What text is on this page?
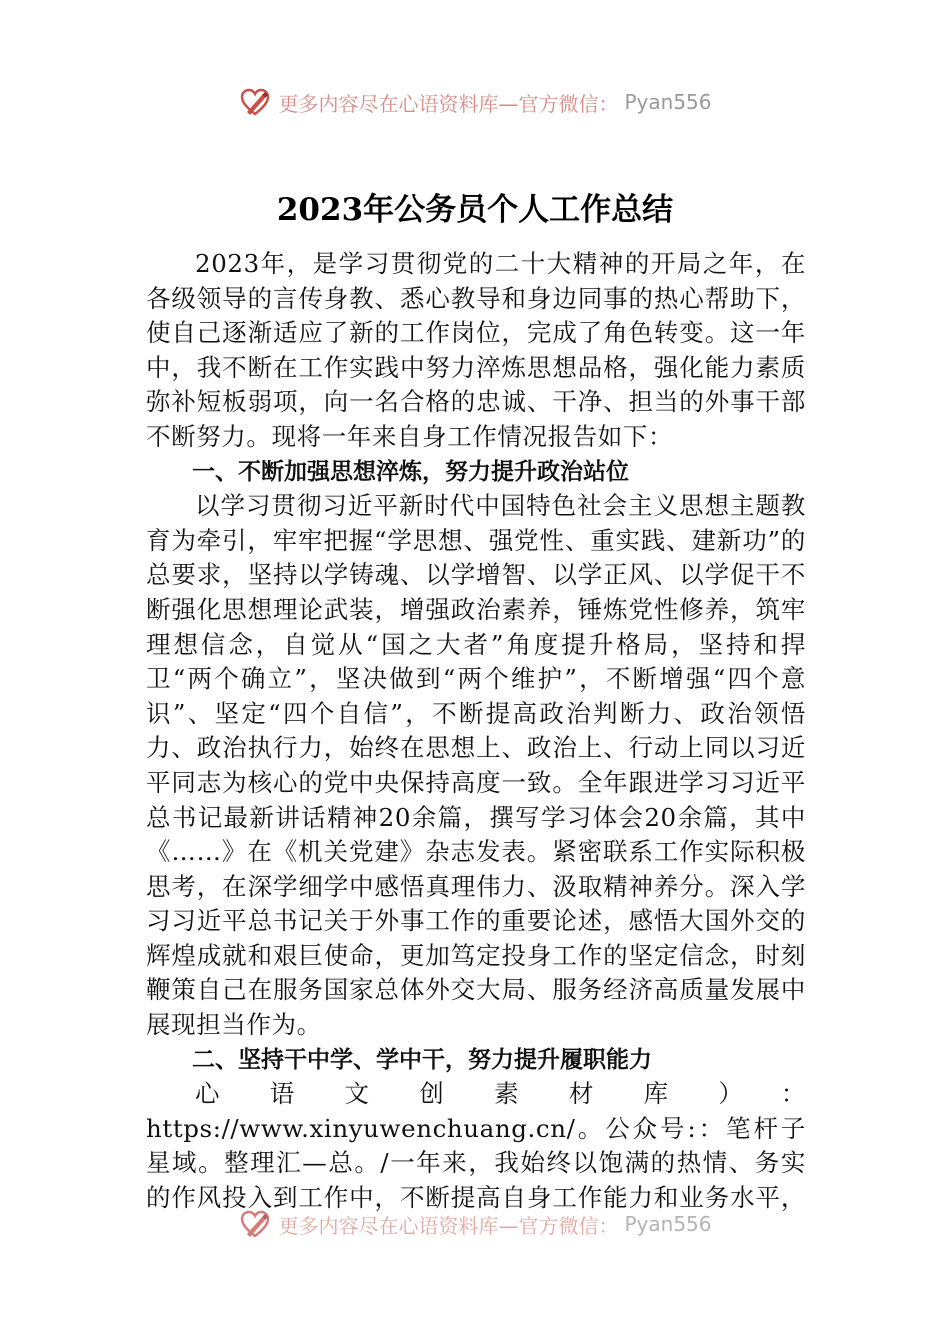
更多内容尽在心语资料库—官方微信： Pyan556
2023年公务员个人工作总结

2023年，是学习贯彻党的二十大精神的开局之年，在各级领导的言传身教、悉心教导和身边同事的热心帮助下，使自己逐渐适应了新的工作岗位，完成了角色转变。这一年中，我不断在工作实践中努力淬炼思想品格，强化能力素质弥补短板弱项，向一名合格的忠诚、干净、担当的外事干部不断努力。现将一年来自身工作情况报告如下：

一、不断加强思想淬炼，努力提升政治站位

以学习贯彻习近平新时代中国特色社会主义思想主题教育为牵引，牢牢把握“学思想、强党性、重实践、建新功”的总要求，坚持以学铸魂、以学增智、以学正风、以学促干不断强化思想理论武装，增强政治素养，锤炼党性修养，筑牢理想信念，自觉从“国之大者”角度提升格局，坚持和捍卫“两个确立”，坚决做到“两个维护”，不断增强“四个意识”、坚定“四个自信”，不断提高政治判断力、政治领悟力、政治执行力，始终在思想上、政治上、行动上同以习近平同志为核心的党中央保持高度一致。全年跟进学习习近平总书记最新讲话精神20余篇，撰写学习体会20余篇，其中《……》在《机关党建》杂志发表。紧密联系工作实际积极思考，在深学细学中感悟真理伟力、汲取精神养分。深入学习习近平总书记关于外事工作的重要论述，感悟大国外交的辉煌成就和艰巨使命，更加笃定投身工作的坚定信念，时刻鞭策自己在服务国家总体外交大局、服务经济高质量发展中展现担当作为。

二、坚持干中学、学中干，努力提升履职能力

心语文创素材库）：https://www.xinyuwenchuang.cn/。公众号:：笔杆子星域。整理汇—总。/一年来，我始终以饱满的热情、务实的作风投入到工作中，不断提高自身工作能力和业务水平，

更多内容尽在心语资料库—官方微信： Pyan556
